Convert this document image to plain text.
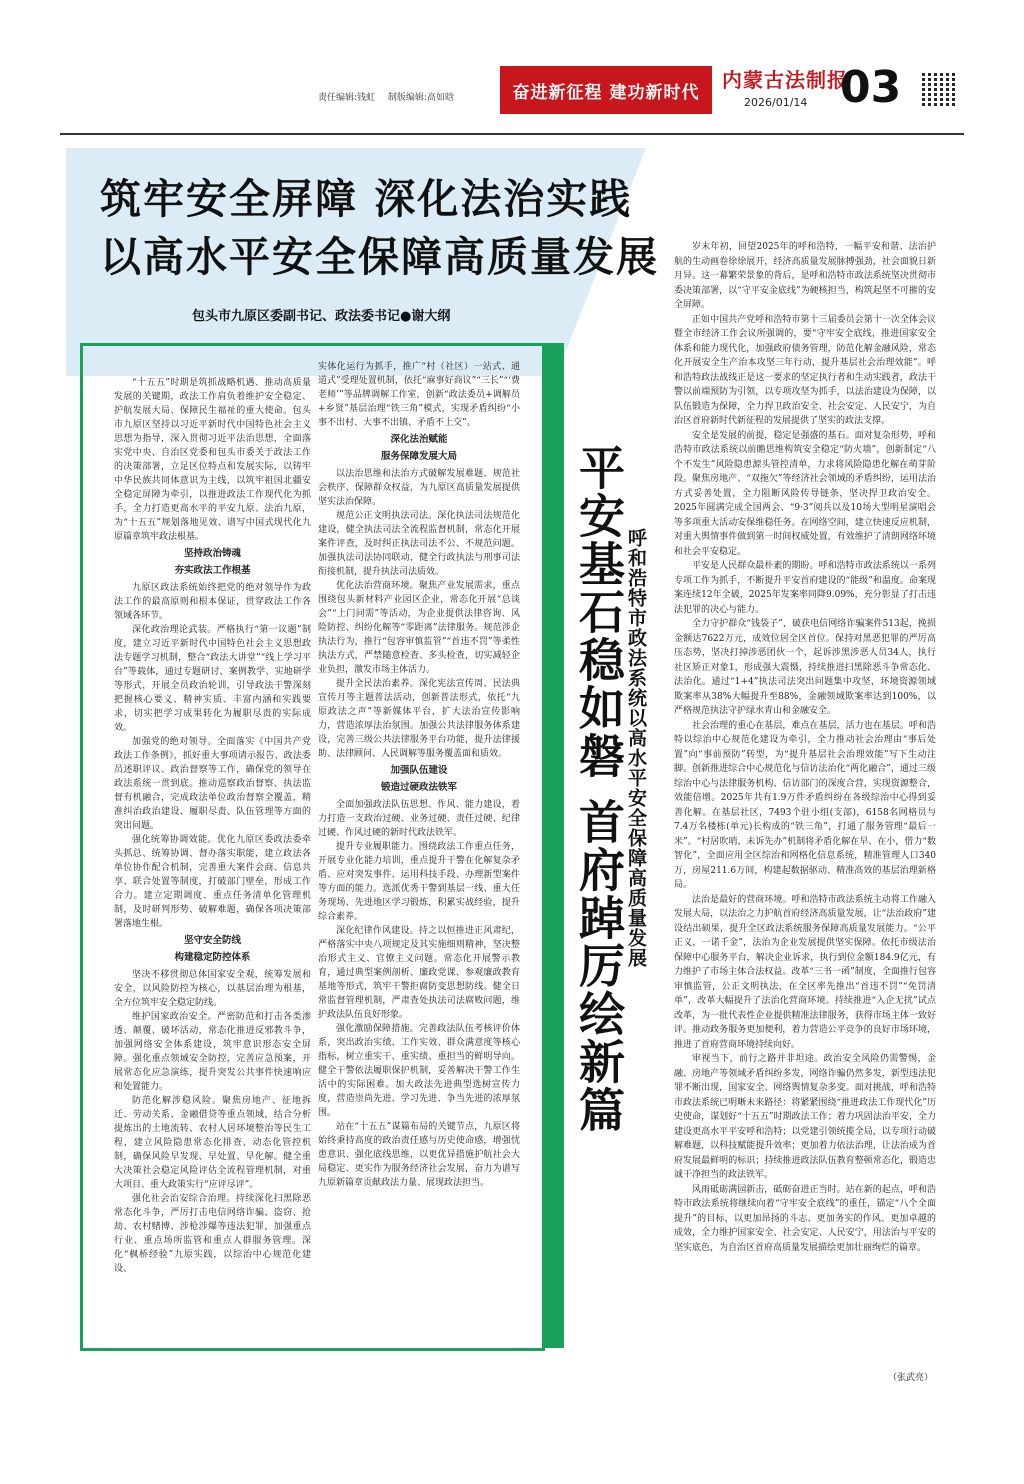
责任编辑:钱虹 制版编辑:高如晗	奋进新征程 建功新时代
内蒙古法制报
2026/01/14 03
筑牢安全屏障 深化法治实践
以高水平安全保障高质量发展
包头市九原区委副书记、政法委书记●谢大纲

“十五五”时期是筑抓战略机遇、推动高质量发展的关键期，政法工作肩负着维护安全稳定、护航发展大局、保障民生福祉的重大使命。包头市九原区坚持以习近平新时代中国特色社会主义思想为指导，深入贯彻习近平法治思想，全面落实党中央、自治区党委和包头市委关于政法工作的决策部署，立足区位特点和发展实际，以铸牢中华民族共同体意识为主线，以筑牢祖国北疆安全稳定屏障为牵引，以推进政法工作现代化为抓手，全力打造更高水平的平安九原、法治九原，为“十五五”规划落地见效、谱写中国式现代化九原篇章筑牢政法根基。

坚持政治铸魂

夯实政法工作根基

九原区政法系统始终把党的绝对领导作为政法工作的最高原则和根本保证，贯穿政法工作各领域各环节。

深化政治理论武装。严格执行“第一议题”制度，建立习近平新时代中国特色社会主义思想政法专题学习机制，整合“政法大讲堂”“线上学习平台”等载体，通过专题研讨、案例教学、实地研学等形式，开展全员政治轮训，引导政法干警深刻把握核心要义、精神实质、丰富内涵和实践要求，切实把学习成果转化为履职尽责的实际成效。

加强党的绝对领导。全面落实《中国共产党政法工作条例》，抓好重大事项请示报告、政法委员述职评议、政治督察等工作，确保党的领导在政法系统一贯到底。推动巡察政治督察、执法监督有机融合，完成政法单位政治督察全覆盖，精准纠治政治建设、履职尽责、队伍管理等方面的突出问题。

强化统筹协调效能。优化九原区委政法委牵头抓总、统筹协调、督办落实职能，建立政法各单位协作配合机制，完善重大案件会商、信息共享、联合处置等制度，打破部门壁垒，形成工作合力。建立定期调度、重点任务清单化管理机制，及时研判形势、破解难题，确保各项决策部署落地生根。

坚守安全防线

构建稳定防控体系

坚决不移贯彻总体国家安全观，统筹发展和安全，以风险防控为核心，以基层治理为根基，全方位筑牢安全稳定防线。

维护国家政治安全。严密防范和打击各类渗透、颠覆、破坏活动，常态化推进反邪教斗争，加强网络安全体系建设，筑牢意识形态安全屏障。强化重点领域安全防控，完善应急预案，开展常态化应急演练，提升突发公共事件快速响应和处置能力。

防范化解涉稳风险。聚焦房地产、征地拆迁、劳动关系、金融借贷等重点领域，结合分析提炼出的土地流转、农村人居环境整治等民生工程，建立风险隐患常态化排查、动态化管控机制，确保风险早发现、早处置、早化解。健全重大决策社会稳定风险评估全流程管理机制，对重大项目、重大政策实行“应评尽评”。

强化社会治安综合治理。持续深化扫黑除恶常态化斗争，严厉打击电信网络诈骗、盗窃、抢劫、农村赌博、涉枪涉爆等违法犯罪，加强重点行业、重点场所监管和重点人群服务管理。深化“枫桥经验”九原实践，以综治中心规范化建设、

实体化运行为抓手，推广“村（社区）一站式、通道式”受理处置机制，依托“麻事好商议”“三长”“‘费老师’”等品牌调解工作室，创新“政法委员+调解员+乡贤”基层治理“铁三角”模式，实现矛盾纠纷“小事不出村、大事不出镇、矛盾不上交”。

深化法治赋能

服务保障发展大局

以法治思维和法治方式破解发展难题、规范社会秩序、保障群众权益，为九原区高质量发展提供坚实法治保障。

规范公正文明执法司法。深化执法司法规范化建设，健全执法司法全流程监督机制，常态化开展案件评查，及时纠正执法司法不公、不规范问题。加强执法司法协同联动，健全行政执法与刑事司法衔接机制，提升执法司法质效。

优化法治营商环境。聚焦产业发展需求，重点围绕包头新材料产业园区企业，常态化开展“总谈会”“上门问需”等活动，为企业提供法律咨询、风险防控、纠纷化解等“零距离”法律服务。规范涉企执法行为，推行“包容审慎监管”“首违不罚”等柔性执法方式，严禁随意检查、多头检查，切实减轻企业负担，激发市场主体活力。

提升全民法治素养。深化宪法宣传周、民法典宣传月等主题普法活动，创新普法形式，依托“九原政法之声”等新媒体平台，扩大法治宣传影响力，营造浓厚法治氛围。加强公共法律服务体系建设，完善三级公共法律服务平台功能，提升法律援助、法律顾问、人民调解等服务覆盖面和质效。

加强队伍建设

锻造过硬政法铁军

全面加强政法队伍思想、作风、能力建设，着力打造一支政治过硬、业务过硬、责任过硬、纪律过硬、作风过硬的新时代政法铁军。

提升专业履职能力。围绕政法工作重点任务，开展专业化能力培训，重点提升干警在化解复杂矛盾、应对突发事件、运用科技手段、办理新型案件等方面的能力。选派优秀干警到基层一线、重大任务现场、先进地区学习锻炼，积累实战经验，提升综合素养。

深化纪律作风建设。持之以恒推进正风肃纪，严格落实中央八项规定及其实施细则精神，坚决整治形式主义、官僚主义问题。常态化开展警示教育，通过典型案例剖析、廉政党课、参观廉政教育基地等形式，筑牢干警拒腐防变思想防线。健全日常监督管理机制，严肃查处执法司法腐败问题，维护政法队伍良好形象。

强化激励保障措施。完善政法队伍考核评价体系，突出政治实绩、工作实效、群众满意度等核心指标，树立重实干、重实绩、重担当的鲜明导向。健全干警依法履职保护机制，妥善解决干警工作生活中的实际困难。加大政法先进典型选树宣传力度，营造崇尚先进、学习先进、争当先进的浓厚氛围。

站在“十五五”谋篇布局的关键节点，九原区将始终秉持高度的政治责任感与历史使命感，增强忧患意识、强化底线思维，以更优异措施护航社会大局稳定、更实作为服务经济社会发展，奋力为谱写九原新篇章贡献政法力量、展现政法担当。

平安基石稳如磐 首府踔厉绘新篇 呼和浩特市政法系统以高水平安全保障高质量发展

岁末年初，回望2025年的呼和浩特，一幅平安和谐、法治护航的生动画卷徐徐展开，经济高质量发展脉搏强劲，社会面貌日新月异。这一幕繁荣景象的背后，是呼和浩特市政法系统坚决贯彻市委决策部署，以“守平安金底线”为硬核担当，构筑起坚不可摧的安全屏障。

正如中国共产党呼和浩特市第十三届委员会第十一次全体会议暨全市经济工作会议所强调的，要“守牢安全底线，推进国家安全体系和能力现代化，加强政府债务管理，防范化解金融风险，常态化开展安全生产治本攻坚三年行动，提升基层社会治理效能”。呼和浩特政法战线正是这一要求的坚定执行者和生动实践者，政法干警以前端预防为引领，以专项攻坚为抓手，以法治建设为保障，以队伍锻造为保障，全力捍卫政治安全、社会安定、人民安宁，为自治区首府新时代新征程的发展提供了坚实的政法支撑。

安全是发展的前提，稳定是强盛的基石。面对复杂形势，呼和浩特市政法系统以前瞻思维构筑安全稳定“防火墙”，创新制定“八个不发生”风险隐患源头管控清单，力求将风险隐患化解在萌芽阶段。聚焦房地产、“双拖欠”等经济社会领域的矛盾纠纷，运用法治方式妥善处置，全力阻断风险传导链条，坚决捍卫政治安全。2025年圆满完成全国两会、“9·3”阅兵以及10场大型明星演唱会等多项重大活动安保维稳任务。在网络空间，建立快速反应机制，对重大舆情事件做到第一时间权威处置，有效维护了清朗网络环境和社会平安稳定。

平安是人民群众最朴素的期盼。呼和浩特市政法系统以一系列专项工作为抓手，不断提升平安首府建设的“能级”和温度。命案现案连续12年全破，2025年发案率同降9.09%，充分彰显了打击违法犯罪的决心与能力。

全力守护群众“钱袋子”，破获电信网络诈骗案件513起，挽损金额达7622万元，成效位居全区首位。保持对黑恶犯罪的严厉高压态势，坚决打掉涉恶团伙一个，起诉涉黑涉恶人员34人，执行社区矫正对象1，形成强大震慑，持续推进扫黑除恶斗争常态化、法治化。通过“1+4”执法司法突出问题集中攻坚，环境资源领域欺案率从38%大幅提升至88%，金融领域欺案率达到100%，以严格规范执法守护绿水青山和金融安全。

社会治理的重心在基层，难点在基层，活力也在基层。呼和浩特以综治中心规范化建设为牵引，全力推动社会治理由“事后处置”向“事前预防”转型，为“提升基层社会治理效能”写下生动注脚。创新推进综合中心规范化与信访法治化“两化融合”，通过三级综治中心与法律服务机构、信访部门的深度合营，实现资源整合，效能倍增。2025年共有1.9万件矛盾纠纷在各级综治中心得到妥善化解。在基层社区，7493个驻小组(支部)，6158名网格员与7.4万名楼栋(单元)长构成的“铁三角”，打通了服务管理“最后一米”。“村居吹哨、未诉先办”机制将矛盾化解在早、在小，借力“数智化”，全面应用全区综治和网格化信息系统，精准管理人口340万，房屋211.6万间，构建起数据驱动、精准高效的基层治理新格局。

法治是最好的营商环境。呼和浩特市政法系统主动将工作融入发展大局，以法治之力护航首府经济高质量发展，让“法治政府”建设结出硕果，提升全区政法系统服务保障高质量发展能力。“公平正义，一诺千金”，法治为企业发展提供坚实保障。依托市级法治保障中心服务平台，解决企业诉求，执行到位金额184.9亿元，有力维护了市场主体合法权益。改革“三书一函”制度，全面推行包容审慎监管，公正文明执法，在全区率先推出“首违不罚”“免罚清单”，改革大幅提升了法治化营商环境。持续推进“入企无扰”试点改革，为一批代表性企业提供精准法律服务，获得市场主体一致好评。推动政务服务更加便利，着力营造公平竞争的良好市场环境，推进了首府营商环境持续向好。

审视当下，前行之路并非坦途。政治安全风险仍需警惕，金融、房地产等领域矛盾纠纷多发，网络诈骗仍然多发，新型违法犯罪不断出现，国家安全、网络舆情复杂多变。面对挑战，呼和浩特市政法系统已明晰未来路径：将紧紧围绕“推进政法工作现代化”历史使命，谋划好“十五五”时期政法工作；着力巩固法治平安，全力建设更高水平平安呼和浩特；以党建引领统揽全局，以专项行动破解难题，以科技赋能提升效率；更加着力依法治理，让法治成为首府发展最鲜明的标识；持续推进政法队伍教育整顿常态化，锻造忠诚干净担当的政法铁军。

风雨砥砺满园新击，砥砺奋进正当时。站在新的起点，呼和浩特市政法系统将继续向着“守牢安全底线”的重任，锚定“八个全面提升”的目标，以更加昂扬的斗志、更加务实的作风、更加卓越的成效，全力维护国家安全、社会安定、人民安宁，用法治与平安的坚实底色，为自治区首府高质量发展描绘更加壮丽绚烂的篇章。

（张武亮）
